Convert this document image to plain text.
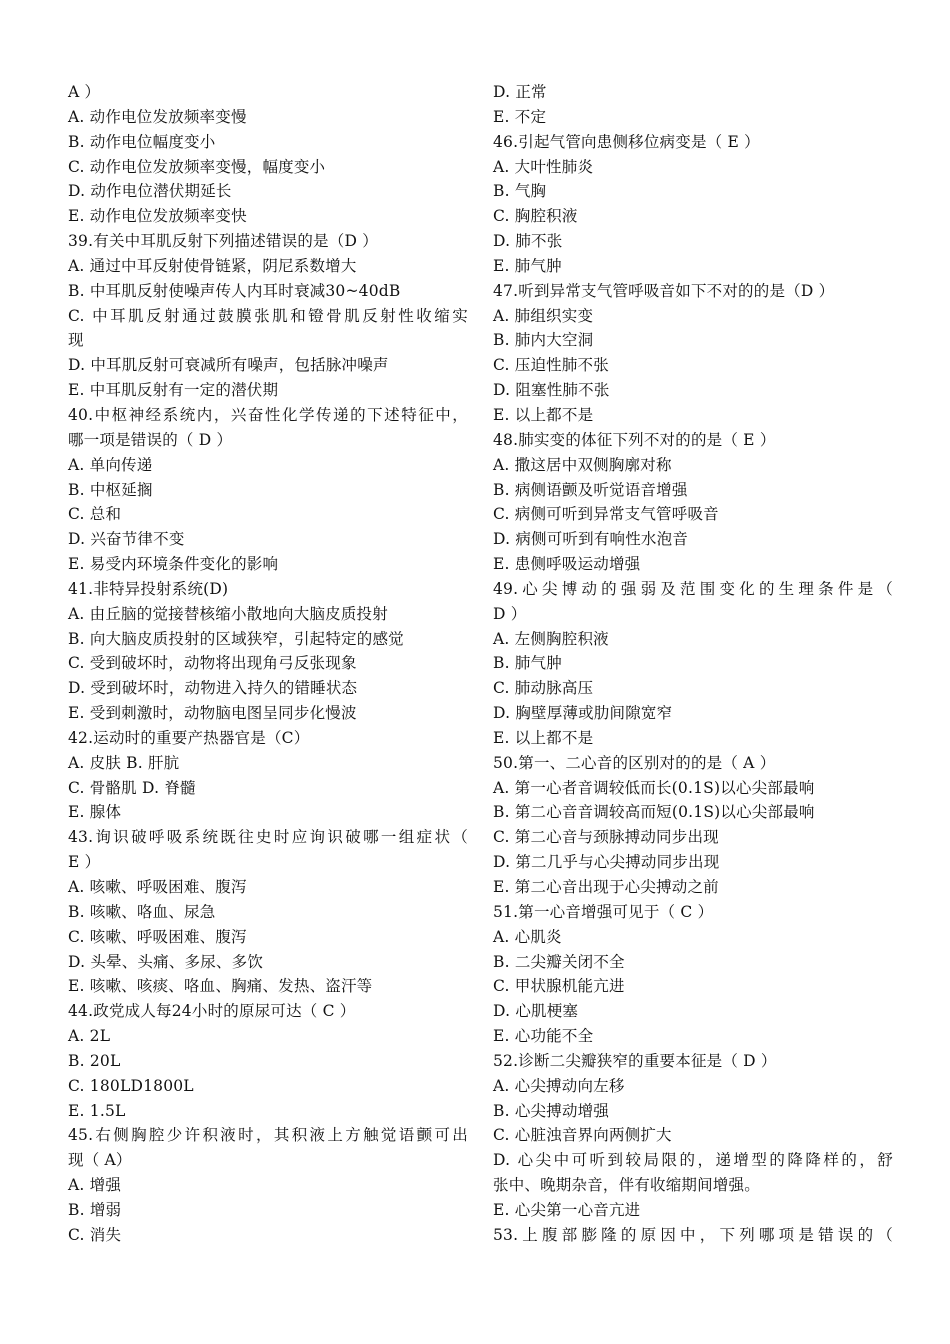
A ）
A. 动作电位发放频率变慢
B. 动作电位幅度变小
C. 动作电位发放频率变慢，幅度变小
D. 动作电位潜伏期延长
E. 动作电位发放频率变快
39.有关中耳肌反射下列描述错误的是（D ）
A. 通过中耳反射使骨链紧，阴尼系数增大
B. 中耳肌反射使噪声传人内耳时衰减30~40dB
C. 中耳肌反射通过鼓膜张肌和镫骨肌反射性收缩实
现
D. 中耳肌反射可衰减所有噪声，包括脉冲噪声
E. 中耳肌反射有一定的潜伏期
40.中枢神经系统内，兴奋性化学传递的下述特征中，
哪一项是错误的（ D ）
A. 单向传递
B. 中枢延搁
C. 总和
D. 兴奋节律不变
E. 易受内环境条件变化的影响
41.非特异投射系统(D)
A. 由丘脑的觉接替核缩小散地向大脑皮质投射
B. 向大脑皮质投射的区域狭窄，引起特定的感觉
C. 受到破坏时，动物将出现角弓反张现象
D. 受到破坏时，动物进入持久的错睡状态
E. 受到刺激时，动物脑电图呈同步化慢波
42.运动时的重要产热器官是（C）
A. 皮肤 B. 肝肮
C. 骨骼肌 D. 脊髓
E. 腺体
43.询识破呼吸系统既往史时应询识破哪一组症状（
E ）
A. 咳嗽、呼吸困难、腹泻
B. 咳嗽、咯血、尿急
C. 咳嗽、呼吸困难、腹泻
D. 头晕、头痛、多尿、多饮
E. 咳嗽、咳痰、咯血、胸痛、发热、盗汗等
44.政党成人每24小时的原尿可达（ C ）
A. 2L
B. 20L
C. 180LD1800L
E. 1.5L
45.右侧胸腔少许积液时，其积液上方触觉语颤可出
现（ A）
A. 增强
B. 增弱
C. 消失
D. 正常
E. 不定
46.引起气管向患侧移位病变是（ E ）
A. 大叶性肺炎
B. 气胸
C. 胸腔积液
D. 肺不张
E. 肺气肿
47.听到异常支气管呼吸音如下不对的的是（D ）
A. 肺组织实变
B. 肺内大空洞
C. 压迫性肺不张
D. 阻塞性肺不张
E. 以上都不是
48.肺实变的体征下列不对的的是（ E ）
A. 撒这居中双侧胸廓对称
B. 病侧语颤及听觉语音增强
C. 病侧可听到异常支气管呼吸音
D. 病侧可听到有响性水泡音
E. 患侧呼吸运动增强
49.心尖博动的强弱及范围变化的生理条件是（
D ）
A. 左侧胸腔积液
B. 肺气肿
C. 肺动脉高压
D. 胸壁厚薄或肋间隙宽窄
E. 以上都不是
50.第一、二心音的区别对的的是（ A ）
A. 第一心者音调较低而长(0.1S)以心尖部最响
B. 第二心音音调较高而短(0.1S)以心尖部最响
C. 第二心音与颈脉搏动同步出现
D. 第二几乎与心尖搏动同步出现
E. 第二心音出现于心尖搏动之前
51.第一心音增强可见于（ C ）
A. 心肌炎
B. 二尖瓣关闭不全
C. 甲状腺机能亢进
D. 心肌梗塞
E. 心功能不全
52.诊断二尖瓣狭窄的重要本征是（ D ）
A. 心尖搏动向左移
B. 心尖搏动增强
C. 心脏浊音界向两侧扩大
D. 心尖中可听到较局限的，递增型的降降样的，舒
张中、晚期杂音，伴有收缩期间增强。
E. 心尖第一心音亢进
53.上腹部膨隆的原因中，下列哪项是错误的（
